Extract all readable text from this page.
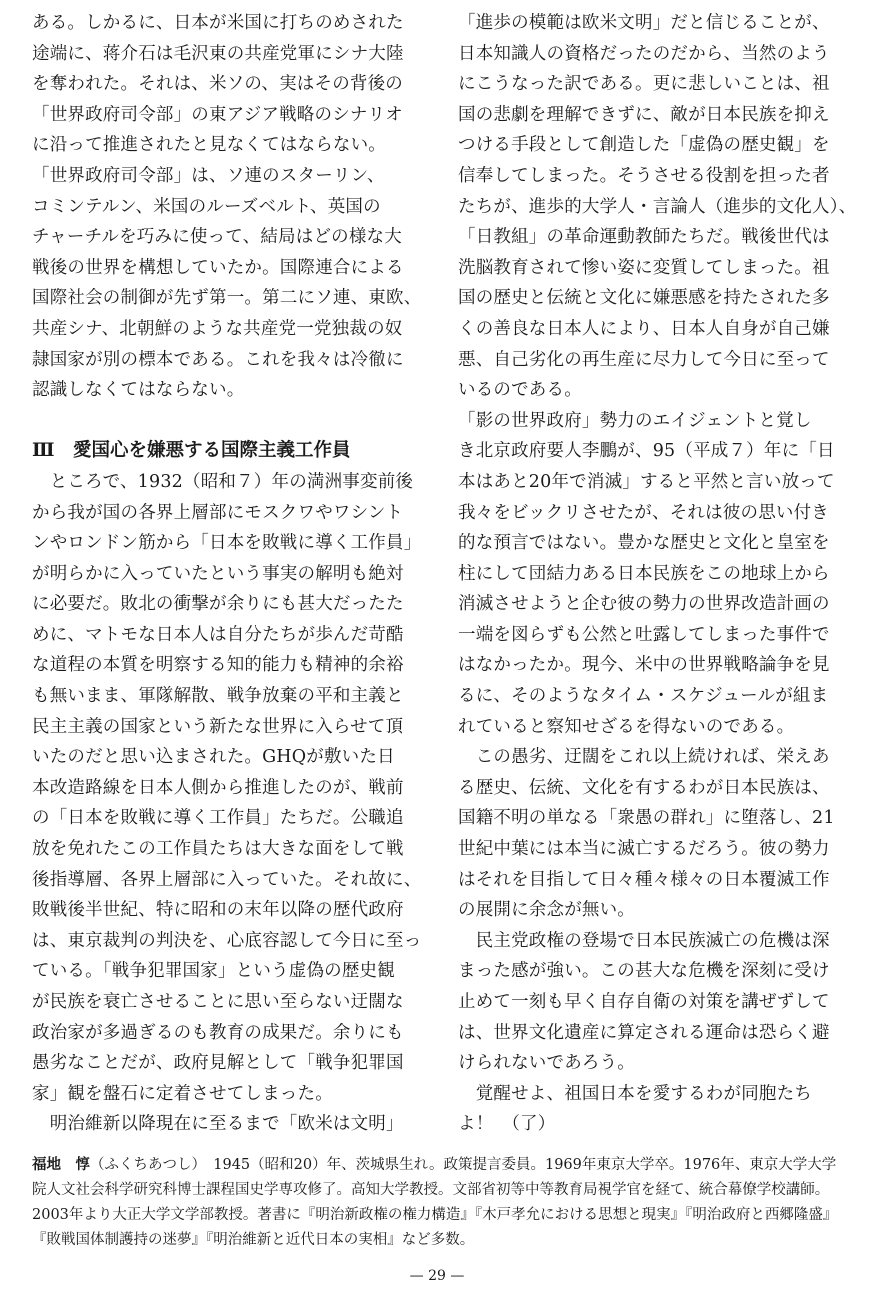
ある。しかるに、日本が米国に打ちのめされた
途端に、蒋介石は毛沢東の共産党軍にシナ大陸
を奪われた。それは、米ソの、実はその背後の
「世界政府司令部」の東アジア戦略のシナリオ
に沿って推進されたと見なくてはならない。
「世界政府司令部」は、ソ連のスターリン、
コミンテルン、米国のルーズベルト、英国の
チャーチルを巧みに使って、結局はどの様な大
戦後の世界を構想していたか。国際連合による
国際社会の制御が先ず第一。第二にソ連、東欧、
共産シナ、北朝鮮のような共産党一党独裁の奴
隷国家が別の標本である。これを我々は冷徹に
認識しなくてはならない。
Ⅲ　愛国心を嫌悪する国際主義工作員
　ところで、1932（昭和７）年の満洲事変前後
から我が国の各界上層部にモスクワやワシント
ンやロンドン筋から「日本を敗戦に導く工作員」
が明らかに入っていたという事実の解明も絶対
に必要だ。敗北の衝撃が余りにも甚大だったた
めに、マトモな日本人は自分たちが歩んだ苛酷
な道程の本質を明察する知的能力も精神的余裕
も無いまま、軍隊解散、戦争放棄の平和主義と
民主主義の国家という新たな世界に入らせて頂
いたのだと思い込まされた。GHQが敷いた日
本改造路線を日本人側から推進したのが、戦前
の「日本を敗戦に導く工作員」たちだ。公職追
放を免れたこの工作員たちは大きな面をして戦
後指導層、各界上層部に入っていた。それ故に、
敗戦後半世紀、特に昭和の末年以降の歴代政府
は、東京裁判の判決を、心底容認して今日に至っ
ている。「戦争犯罪国家」という虚偽の歴史観
が民族を衰亡させることに思い至らない迂闊な
政治家が多過ぎるのも教育の成果だ。余りにも
愚劣なことだが、政府見解として「戦争犯罪国
家」観を盤石に定着させてしまった。
　明治維新以降現在に至るまで「欧米は文明」
「進歩の模範は欧米文明」だと信じることが、
日本知識人の資格だったのだから、当然のよう
にこうなった訳である。更に悲しいことは、祖
国の悲劇を理解できずに、敵が日本民族を抑え
つける手段として創造した「虚偽の歴史観」を
信奉してしまった。そうさせる役割を担った者
たちが、進歩的大学人・言論人（進歩的文化人）、
「日教組」の革命運動教師たちだ。戦後世代は
洗脳教育されて惨い姿に変質してしまった。祖
国の歴史と伝統と文化に嫌悪感を持たされた多
くの善良な日本人により、日本人自身が自己嫌
悪、自己劣化の再生産に尽力して今日に至って
いるのである。
「影の世界政府」勢力のエイジェントと覚し
き北京政府要人李鵬が、95（平成７）年に「日
本はあと20年で消滅」すると平然と言い放って
我々をビックリさせたが、それは彼の思い付き
的な預言ではない。豊かな歴史と文化と皇室を
柱にして団結力ある日本民族をこの地球上から
消滅させようと企む彼の勢力の世界改造計画の
一端を図らずも公然と吐露してしまった事件で
はなかったか。現今、米中の世界戦略論争を見
るに、そのようなタイム・スケジュールが組ま
れていると察知せざるを得ないのである。
　この愚劣、迂闊をこれ以上続ければ、栄えあ
る歴史、伝統、文化を有するわが日本民族は、
国籍不明の単なる「衆愚の群れ」に堕落し、21
世紀中葉には本当に滅亡するだろう。彼の勢力
はそれを目指して日々種々様々の日本覆滅工作
の展開に余念が無い。
　民主党政権の登場で日本民族滅亡の危機は深
まった感が強い。この甚大な危機を深刻に受け
止めて一刻も早く自存自衛の対策を講ぜずして
は、世界文化遺産に算定される運命は恐らく避
けられないであろう。
　覚醒せよ、祖国日本を愛するわが同胞たち
よ！　（了）
福地　惇（ふくちあつし）　1945（昭和20）年、茨城県生れ。政策提言委員。1969年東京大学卒。1976年、東京大学大学院人文社会科学研究科博士課程国史学専攻修了。高知大学教授。文部省初等中等教育局視学官を経て、統合幕僚学校講師。2003年より大正大学文学部教授。著書に『明治新政権の権力構造』『木戸孝允における思想と現実』『明治政府と西郷隆盛』『敗戦国体制護持の迷夢』『明治維新と近代日本の実相』など多数。
— 29 —
